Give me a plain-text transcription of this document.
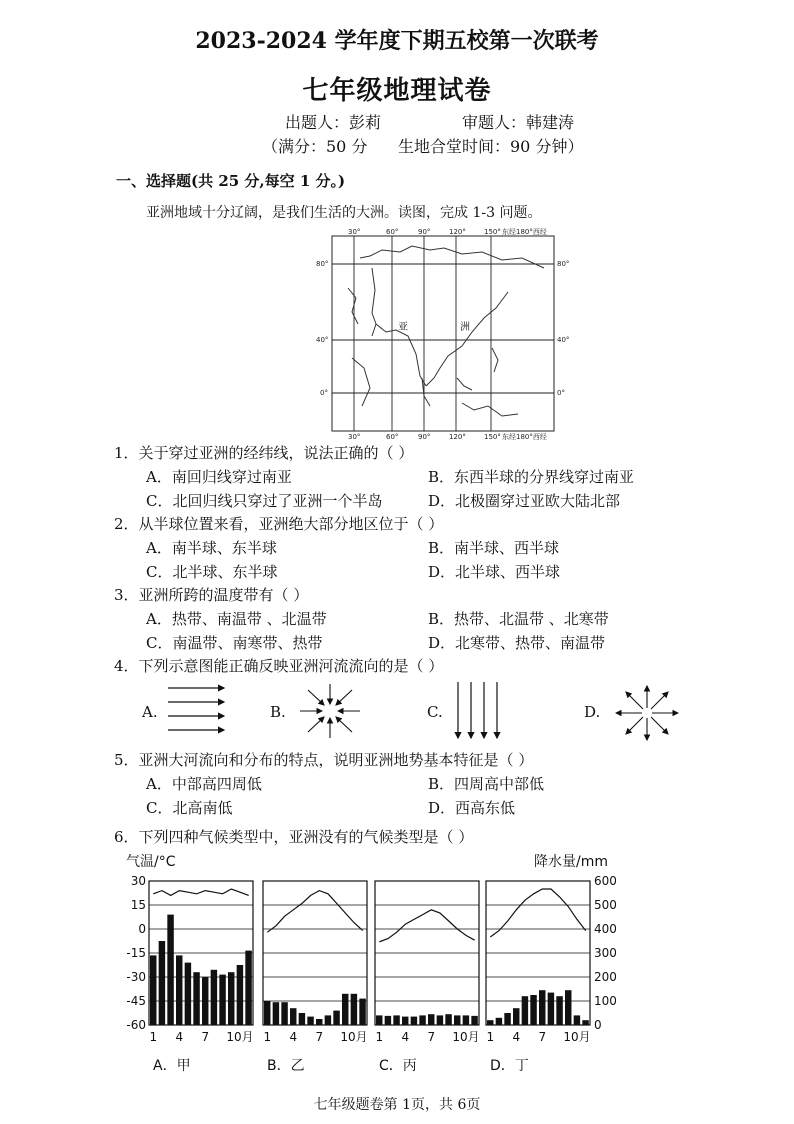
2023-2024 学年度下期五校第一次联考
七年级地理试卷
出题人：彭莉	审题人：韩建涛
（满分：50 分 生地合堂时间：90 分钟）
一、选择题(共 25 分,每空 1 分。)
亚洲地域十分辽阔，是我们生活的大洲。读图，完成 1-3 问题。
30°	60°	90°	120°	150° 东经180°西经
30°	60°	90°	120°	150° 东经180°西经
80°
40°
0°
80°
40°
0°
亚	洲
1．关于穿过亚洲的经纬线，说法正确的（ ）
A．南回归线穿过南亚	B．东西半球的分界线穿过南亚
C．北回归线只穿过了亚洲一个半岛	D．北极圈穿过亚欧大陆北部
2．从半球位置来看，亚洲绝大部分地区位于（ ）
A．南半球、东半球	B．南半球、西半球
C．北半球、东半球	D．北半球、西半球
3．亚洲所跨的温度带有（ ）
A．热带、南温带 、北温带	B．热带、北温带 、北寒带
C．南温带、南寒带、热带	D．北寒带、热带、南温带
4．下列示意图能正确反映亚洲河流流向的是（ ）
A.	B.	C.	D.
5．亚洲大河流向和分布的特点，说明亚洲地势基本特征是（ ）
A．中部高四周低	B．四周高中部低
C．北高南低	D．西高东低
6．下列四种气候类型中，亚洲没有的气候类型是（ ）
气温/°C	降水量/mm
30
15
0
-15
-30
-45
-60
600
500
400
300
200
100
0
1 4 7 10月 1 4 7 10月 1 4 7 10月 1 4 7 10月
A．甲	B．乙	C．丙	D．丁
七年级题卷第 1页，共 6页
